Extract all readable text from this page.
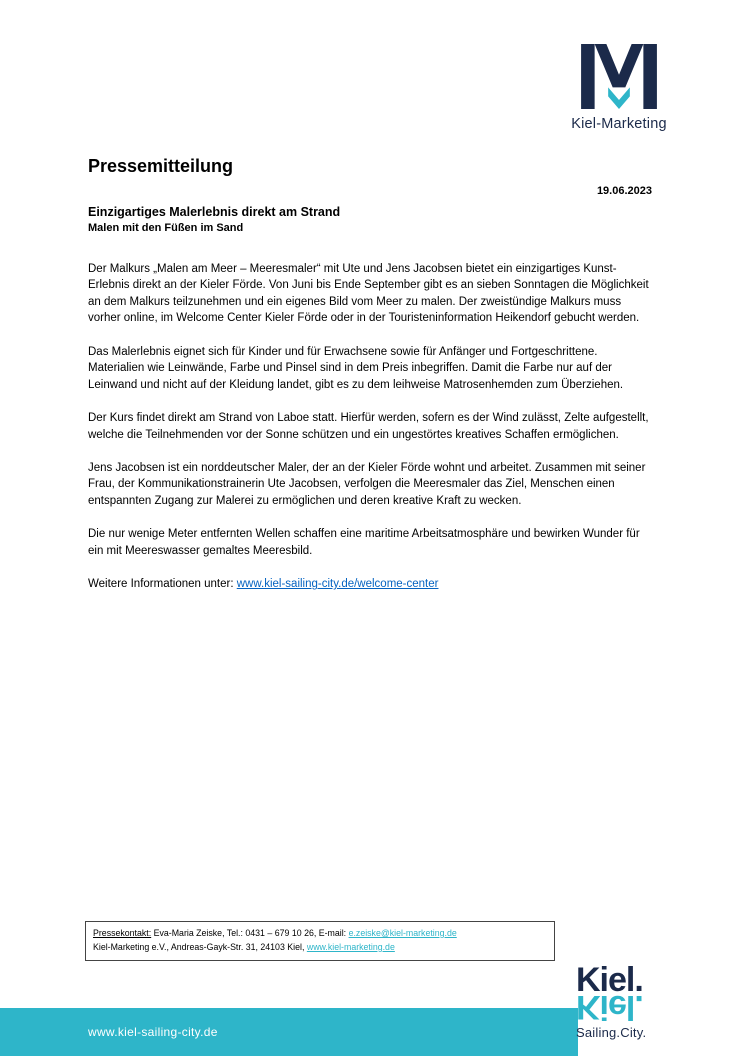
Kiel-Marketing
Pressemitteilung
19.06.2023
Einzigartiges Malerlebnis direkt am Strand
Malen mit den Füßen im Sand

Der Malkurs „Malen am Meer – Meeresmaler“ mit Ute und Jens Jacobsen bietet ein einzigartiges Kunst-Erlebnis direkt an der Kieler Förde. Von Juni bis Ende September gibt es an sieben Sonntagen die Möglichkeit an dem Malkurs teilzunehmen und ein eigenes Bild vom Meer zu malen. Der zweistündige Malkurs muss vorher online, im Welcome Center Kieler Förde oder in der Touristeninformation Heikendorf gebucht werden.

Das Malerlebnis eignet sich für Kinder und für Erwachsene sowie für Anfänger und Fortgeschrittene. Materialien wie Leinwände, Farbe und Pinsel sind in dem Preis inbegriffen. Damit die Farbe nur auf der Leinwand und nicht auf der Kleidung landet, gibt es zu dem leihweise Matrosenhemden zum Überziehen.

Der Kurs findet direkt am Strand von Laboe statt. Hierfür werden, sofern es der Wind zulässt, Zelte aufgestellt, welche die Teilnehmenden vor der Sonne schützen und ein ungestörtes kreatives Schaffen ermöglichen.

Jens Jacobsen ist ein norddeutscher Maler, der an der Kieler Förde wohnt und arbeitet. Zusammen mit seiner Frau, der Kommunikationstrainerin Ute Jacobsen, verfolgen die Meeresmaler das Ziel, Menschen einen entspannten Zugang zur Malerei zu ermöglichen und deren kreative Kraft zu wecken.

Die nur wenige Meter entfernten Wellen schaffen eine maritime Arbeitsatmosphäre und bewirken Wunder für ein mit Meereswasser gemaltes Meeresbild.

Weitere Informationen unter: www.kiel-sailing-city.de/welcome-center

Pressekontakt: Eva-Maria Zeiske, Tel.: 0431 – 679 10 26, E-mail: e.zeiske@kiel-marketing.de
Kiel-Marketing e.V., Andreas-Gayk-Str. 31, 24103 Kiel, www.kiel-marketing.de
www.kiel-sailing-city.de
Kiel.
Kiel.
Sailing.City.
